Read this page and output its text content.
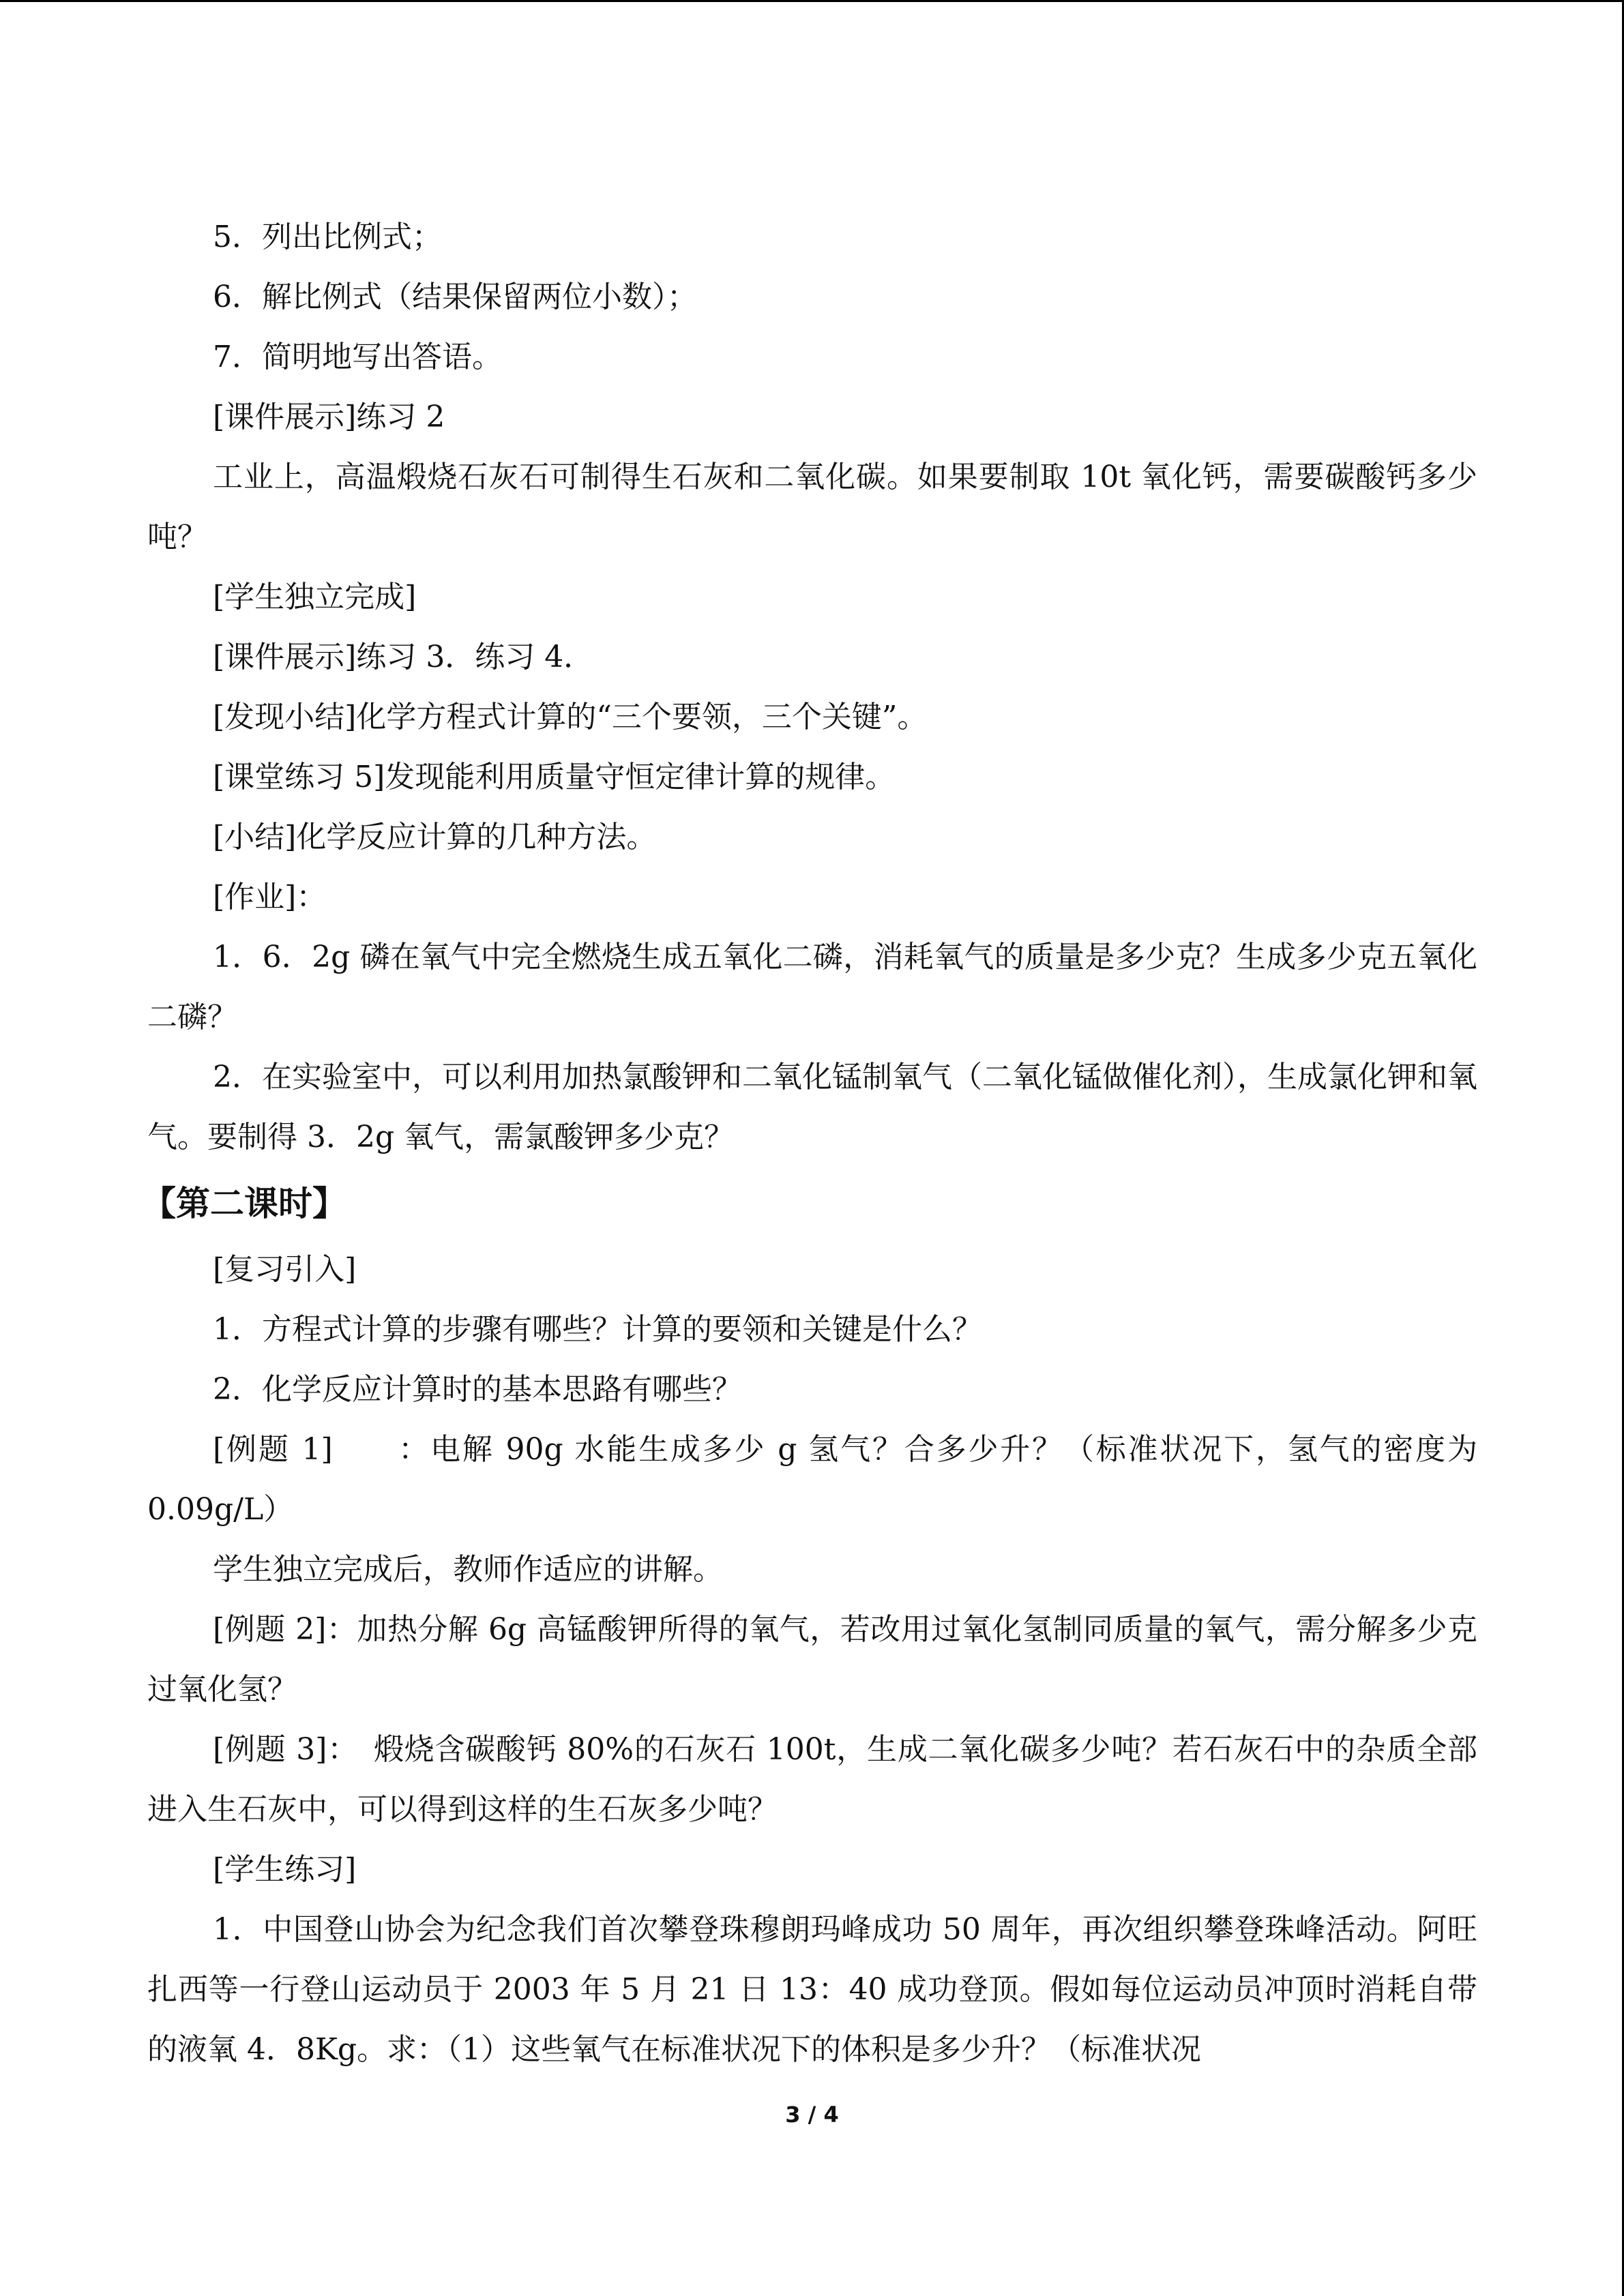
5．列出比例式；
6．解比例式（结果保留两位小数）；
7．简明地写出答语。
[课件展示]练习 2
工业上，高温煅烧石灰石可制得生石灰和二氧化碳。如果要制取 10t 氧化钙，需要碳酸钙多少吨？
[学生独立完成]
[课件展示]练习 3．练习 4．
[发现小结]化学方程式计算的“三个要领，三个关键”。
[课堂练习 5]发现能利用质量守恒定律计算的规律。
[小结]化学反应计算的几种方法。
[作业]：
1．6．2g 磷在氧气中完全燃烧生成五氧化二磷，消耗氧气的质量是多少克？生成多少克五氧化二磷？
2．在实验室中，可以利用加热氯酸钾和二氧化锰制氧气（二氧化锰做催化剂），生成氯化钾和氧气。要制得 3．2g 氧气，需氯酸钾多少克？
【第二课时】
[复习引入]
1．方程式计算的步骤有哪些？计算的要领和关键是什么？
2．化学反应计算时的基本思路有哪些？
[例题 1]　　：电解 90g 水能生成多少 g 氢气？合多少升？（标准状况下，氢气的密度为 0.09g/L）
学生独立完成后，教师作适应的讲解。
[例题 2]：加热分解 6g 高锰酸钾所得的氧气，若改用过氧化氢制同质量的氧气，需分解多少克过氧化氢？
[例题 3]：　煅烧含碳酸钙 80%的石灰石 100t，生成二氧化碳多少吨？若石灰石中的杂质全部进入生石灰中，可以得到这样的生石灰多少吨？
[学生练习]
1．中国登山协会为纪念我们首次攀登珠穆朗玛峰成功 50 周年，再次组织攀登珠峰活动。阿旺扎西等一行登山运动员于 2003 年 5 月 21 日 13：40 成功登顶。假如每位运动员冲顶时消耗自带的液氧 4．8Kg。求：（1）这些氧气在标准状况下的体积是多少升？（标准状况
3 / 4
